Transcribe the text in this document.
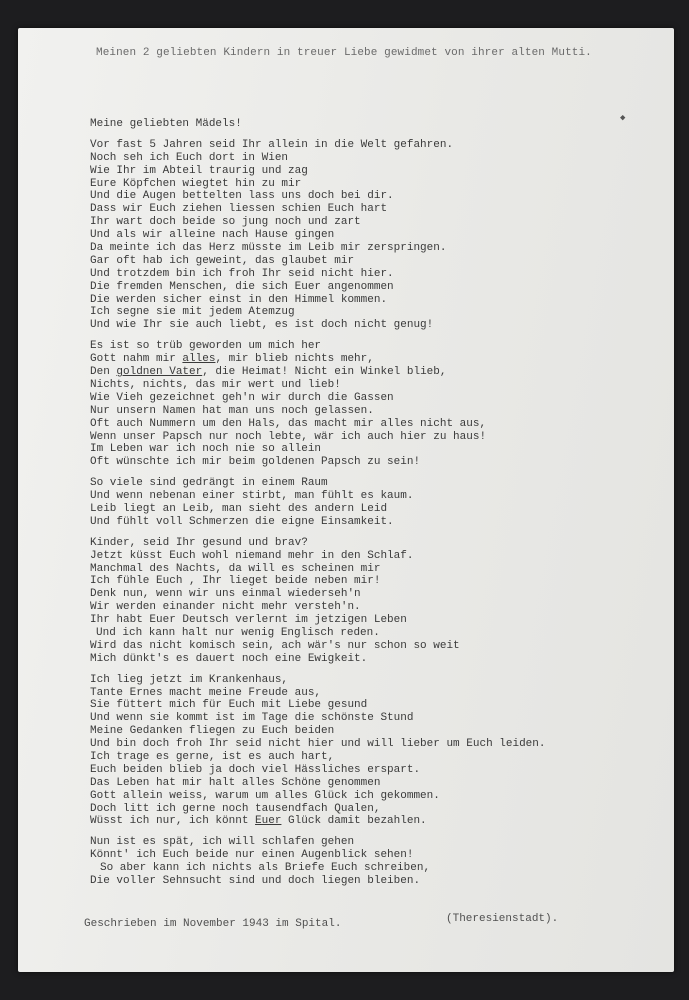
Meinen 2 geliebten Kindern in treuer Liebe gewidmet von ihrer alten Mutti.
◆
Meine geliebten Mädels!
Vor fast 5 Jahren seid Ihr allein in die Welt gefahren.
Noch seh ich Euch dort in Wien
Wie Ihr im Abteil traurig und zag
Eure Köpfchen wiegtet hin zu mir
Und die Augen bettelten lass uns doch bei dir.
Dass wir Euch ziehen liessen schien Euch hart
Ihr wart doch beide so jung noch und zart
Und als wir alleine nach Hause gingen
Da meinte ich das Herz müsste im Leib mir zerspringen.
Gar oft hab ich geweint, das glaubet mir
Und trotzdem bin ich froh Ihr seid nicht hier.
Die fremden Menschen, die sich Euer angenommen
Die werden sicher einst in den Himmel kommen.
Ich segne sie mit jedem Atemzug
Und wie Ihr sie auch liebt, es ist doch nicht genug!
Es ist so trüb geworden um mich her
Gott nahm mir alles, mir blieb nichts mehr,
Den goldnen Vater, die Heimat! Nicht ein Winkel blieb,
Nichts, nichts, das mir wert und lieb!
Wie Vieh gezeichnet geh'n wir durch die Gassen
Nur unsern Namen hat man uns noch gelassen.
Oft auch Nummern um den Hals, das macht mir alles nicht aus,
Wenn unser Papsch nur noch lebte, wär ich auch hier zu haus!
Im Leben war ich noch nie so allein
Oft wünschte ich mir beim goldenen Papsch zu sein!
So viele sind gedrängt in einem Raum
Und wenn nebenan einer stirbt, man fühlt es kaum.
Leib liegt an Leib, man sieht des andern Leid
Und fühlt voll Schmerzen die eigne Einsamkeit.
Kinder, seid Ihr gesund und brav?
Jetzt küsst Euch wohl niemand mehr in den Schlaf.
Manchmal des Nachts, da will es scheinen mir
Ich fühle Euch , Ihr lieget beide neben mir!
Denk nun, wenn wir uns einmal wiederseh'n
Wir werden einander nicht mehr versteh'n.
Ihr habt Euer Deutsch verlernt im jetzigen Leben
Und ich kann halt nur wenig Englisch reden.
Wird das nicht komisch sein, ach wär's nur schon so weit
Mich dünkt's es dauert noch eine Ewigkeit.
Ich lieg jetzt im Krankenhaus,
Tante Ernes macht meine Freude aus,
Sie füttert mich für Euch mit Liebe gesund
Und wenn sie kommt ist im Tage die schönste Stund
Meine Gedanken fliegen zu Euch beiden
Und bin doch froh Ihr seid nicht hier und will lieber um Euch leiden.
Ich trage es gerne, ist es auch hart,
Euch beiden blieb ja doch viel Hässliches erspart.
Das Leben hat mir halt alles Schöne genommen
Gott allein weiss, warum um alles Glück ich gekommen.
Doch litt ich gerne noch tausendfach Qualen,
Wüsst ich nur, ich könnt Euer Glück damit bezahlen.
Nun ist es spät, ich will schlafen gehen
Könnt' ich Euch beide nur einen Augenblick sehen!
So aber kann ich nichts als Briefe Euch schreiben,
Die voller Sehnsucht sind und doch liegen bleiben.
Geschrieben im November 1943 im Spital.	(Theresienstadt).
